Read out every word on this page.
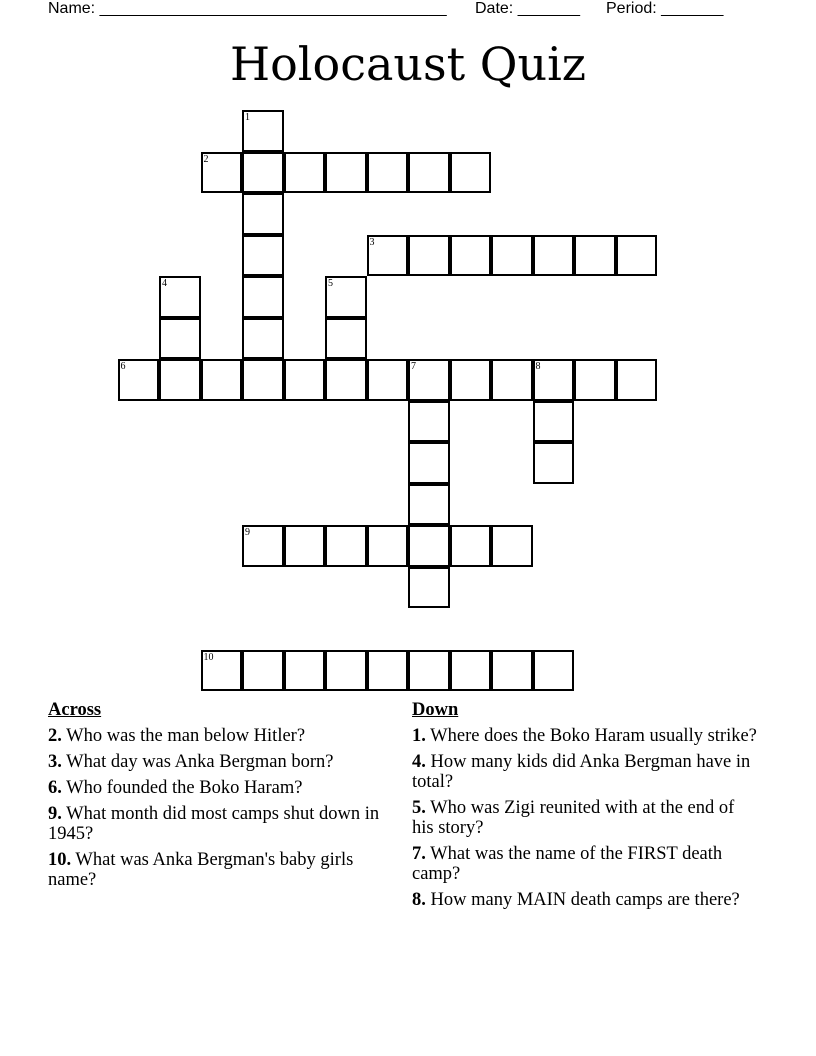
Name: _______________________________________ Date: _______ Period: _______
Holocaust Quiz
1
2
3
4	5
6	7	8
9
10
Across
2. Who was the man below Hitler?
3. What day was Anka Bergman born?
6. Who founded the Boko Haram?
9. What month did most camps shut down in 1945?
10. What was Anka Bergman's baby girls name?
Down
1. Where does the Boko Haram usually strike?
4. How many kids did Anka Bergman have in total?
5. Who was Zigi reunited with at the end of his story?
7. What was the name of the FIRST death camp?
8. How many MAIN death camps are there?
